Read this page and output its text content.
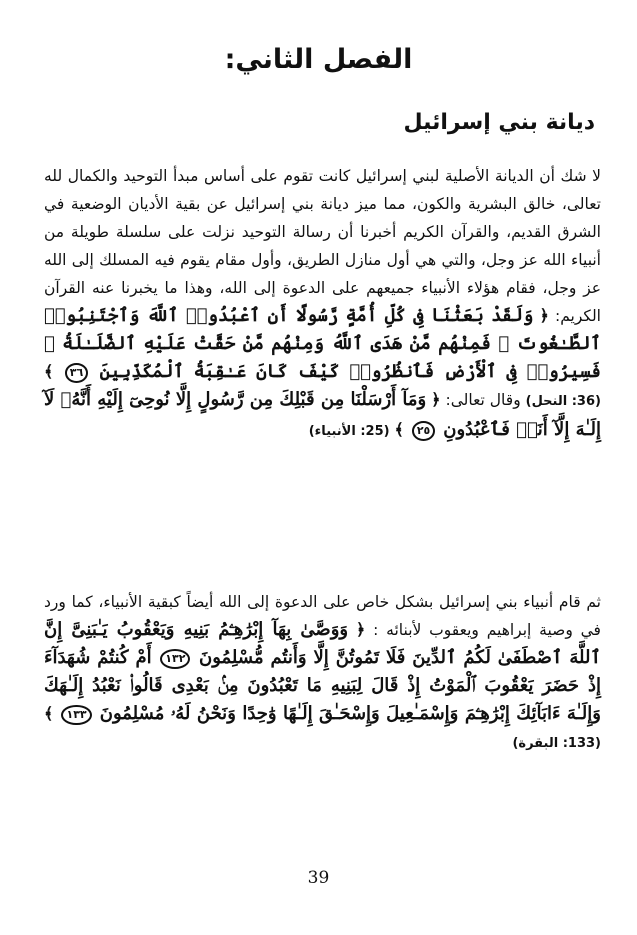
الفصل الثاني:
ديانة بني إسرائيل

لا شك أن الديانة الأصلية لبني إسرائيل كانت تقوم على أساس مبدأ التوحيد والكمال لله تعالى، خالق البشرية والكون، مما ميز ديانة بني إسرائيل عن بقية الأديان الوضعية في الشرق القديم، والقرآن الكريم أخبرنا أن رسالة التوحيد نزلت على سلسلة طويلة من أنبياء الله عز وجل، والتي هي أول منازل الطريق، وأول مقام يقوم فيه المسلك إلى الله عز وجل، فقام هؤلاء الأنبياء جميعهم على الدعوة إلى الله، وهذا ما يخبرنا عنه القرآن الكريم: ﴿ وَلَقَدْ بَعَثْنَا فِى كُلِّ أُمَّةٍ رَّسُولًا أَنِ ٱعْبُدُوا۟ ٱللَّهَ وَٱجْتَنِبُوا۟ ٱلطَّـٰغُوتَ ۖ فَمِنْهُم مَّنْ هَدَى ٱللَّهُ وَمِنْهُم مَّنْ حَقَّتْ عَلَيْهِ ٱلضَّلَـٰلَةُ ۚ فَسِيرُوا۟ فِى ٱلْأَرْضِ فَٱنظُرُوا۟ كَيْفَ كَانَ عَـٰقِبَةُ ٱلْمُكَذِّبِينَ ٣٦ ﴾ (36: النحل) وقال تعالى: ﴿ وَمَآ أَرْسَلْنَا مِن قَبْلِكَ مِن رَّسُولٍ إِلَّا نُوحِىٓ إِلَيْهِ أَنَّهُۥ لَآ إِلَـٰهَ إِلَّآ أَنَا۠ فَٱعْبُدُونِ ٢٥ ﴾ (25: الأنبياء)

ثم قام أنبياء بني إسرائيل بشكل خاص على الدعوة إلى الله أيضاً كبقية الأنبياء، كما ورد في وصية إبراهيم ويعقوب لأبنائه : ﴿ وَوَصَّىٰ بِهَآ إِبْرَٰهِـۧمُ بَنِيهِ وَيَعْقُوبُ يَـٰبَنِىَّ إِنَّ ٱللَّهَ ٱصْطَفَىٰ لَكُمُ ٱلدِّينَ فَلَا تَمُوتُنَّ إِلَّا وَأَنتُم مُّسْلِمُونَ ١٣٢ أَمْ كُنتُمْ شُهَدَآءَ إِذْ حَضَرَ يَعْقُوبَ ٱلْمَوْتُ إِذْ قَالَ لِبَنِيهِ مَا تَعْبُدُونَ مِنۢ بَعْدِى قَالُوا۟ نَعْبُدُ إِلَـٰهَكَ وَإِلَـٰهَ ءَابَآئِكَ إِبْرَٰهِـۧمَ وَإِسْمَـٰعِيلَ وَإِسْحَـٰقَ إِلَـٰهًا وَٰحِدًا وَنَحْنُ لَهُۥ مُسْلِمُونَ ١٣٣ ﴾ (133: البقرة)

39
